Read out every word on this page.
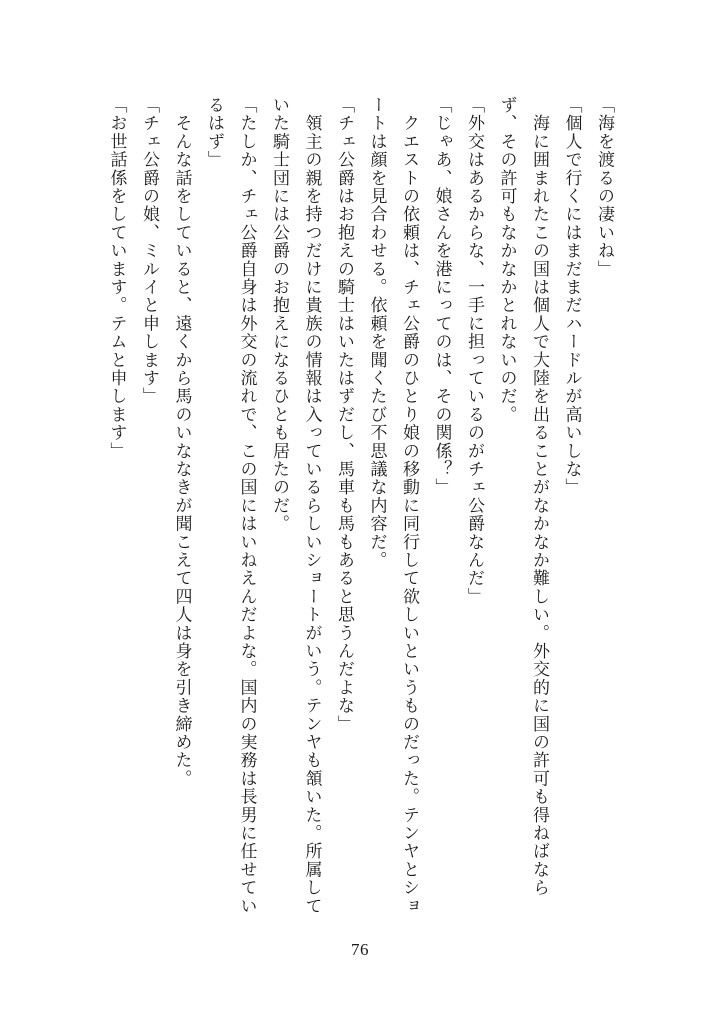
「海を渡るの凄いね」

「個人で行くにはまだまだハードルが高いしな」

　海に囲まれたこの国は個人で大陸を出ることがなかなか難しい。外交的に国の許可も得ねばならず、その許可もなかなかとれないのだ。

「外交はあるからな、一手に担っているのがチェ公爵なんだ」

「じゃあ、娘さんを港にってのは、その関係？」

　クエストの依頼は、チェ公爵のひとり娘の移動に同行して欲しいというものだった。テンヤとショートは顔を見合わせる。依頼を聞くたび不思議な内容だ。

「チェ公爵はお抱えの騎士はいたはずだし、馬車も馬もあると思うんだよな」

　領主の親を持つだけに貴族の情報は入っているらしいショートがいう。テンヤも頷いた。所属していた騎士団には公爵のお抱えになるひとも居たのだ。

「たしか、チェ公爵自身は外交の流れで、この国にはいねえんだよな。国内の実務は長男に任せているはず」

　そんな話をしていると、遠くから馬のいななきが聞こえて四人は身を引き締めた。

「チェ公爵の娘、ミルイと申します」

「お世話係をしています。テムと申します」

76
